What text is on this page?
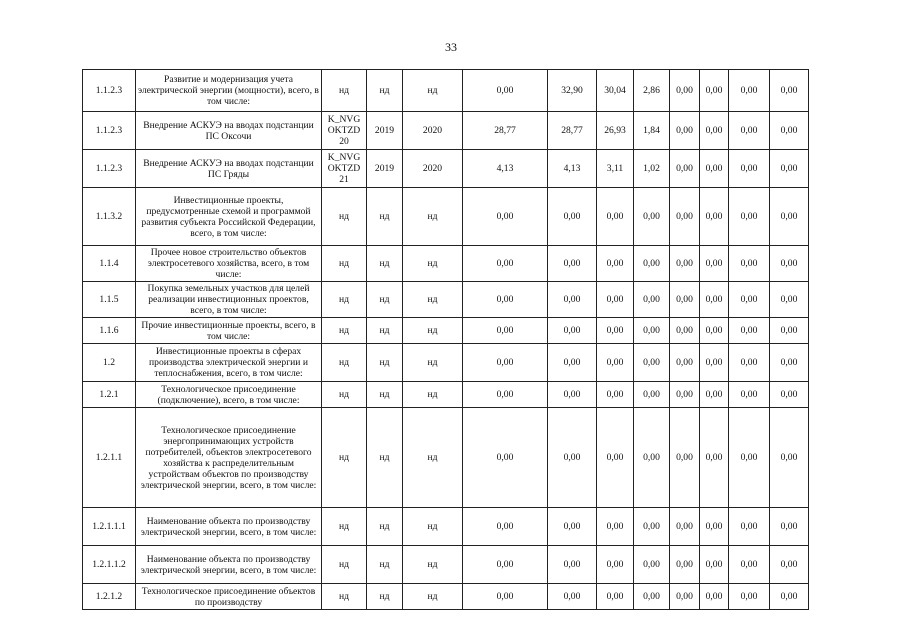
33
1.1.2.3	Развитие и модернизация учета электрической энергии (мощности), всего, в том числе:	нд	нд	нд	0,00	32,90	30,04	2,86	0,00	0,00	0,00	0,00
1.1.2.3	Внедрение АСКУЭ на вводах подстанции ПС Оксочи	K_NVG OKTZD 20	2019	2020	28,77	28,77	26,93	1,84	0,00	0,00	0,00	0,00
1.1.2.3	Внедрение АСКУЭ на вводах подстанции ПС Гряды	K_NVG OKTZD 21	2019	2020	4,13	4,13	3,11	1,02	0,00	0,00	0,00	0,00
1.1.3.2	Инвестиционные проекты, предусмотренные схемой и программой развития субъекта Российской Федерации, всего, в том числе:	нд	нд	нд	0,00	0,00	0,00	0,00	0,00	0,00	0,00	0,00
1.1.4	Прочее новое строительство объектов электросетевого хозяйства, всего, в том числе:	нд	нд	нд	0,00	0,00	0,00	0,00	0,00	0,00	0,00	0,00
1.1.5	Покупка земельных участков для целей реализации инвестиционных проектов, всего, в том числе:	нд	нд	нд	0,00	0,00	0,00	0,00	0,00	0,00	0,00	0,00
1.1.6	Прочие инвестиционные проекты, всего, в том числе:	нд	нд	нд	0,00	0,00	0,00	0,00	0,00	0,00	0,00	0,00
1.2	Инвестиционные проекты в сферах производства электрической энергии и теплоснабжения, всего, в том числе:	нд	нд	нд	0,00	0,00	0,00	0,00	0,00	0,00	0,00	0,00
1.2.1	Технологическое присоединение (подключение), всего, в том числе:	нд	нд	нд	0,00	0,00	0,00	0,00	0,00	0,00	0,00	0,00
1.2.1.1	Технологическое присоединение энергопринимающих устройств потребителей, объектов электросетевого хозяйства к распределительным устройствам объектов по производству электрической энергии, всего, в том числе:	нд	нд	нд	0,00	0,00	0,00	0,00	0,00	0,00	0,00	0,00
1.2.1.1.1	Наименование объекта по производству электрической энергии, всего, в том числе:	нд	нд	нд	0,00	0,00	0,00	0,00	0,00	0,00	0,00	0,00
1.2.1.1.2	Наименование объекта по производству электрической энергии, всего, в том числе:	нд	нд	нд	0,00	0,00	0,00	0,00	0,00	0,00	0,00	0,00
1.2.1.2	Технологическое присоединение объектов по производству	нд	нд	нд	0,00	0,00	0,00	0,00	0,00	0,00	0,00	0,00
